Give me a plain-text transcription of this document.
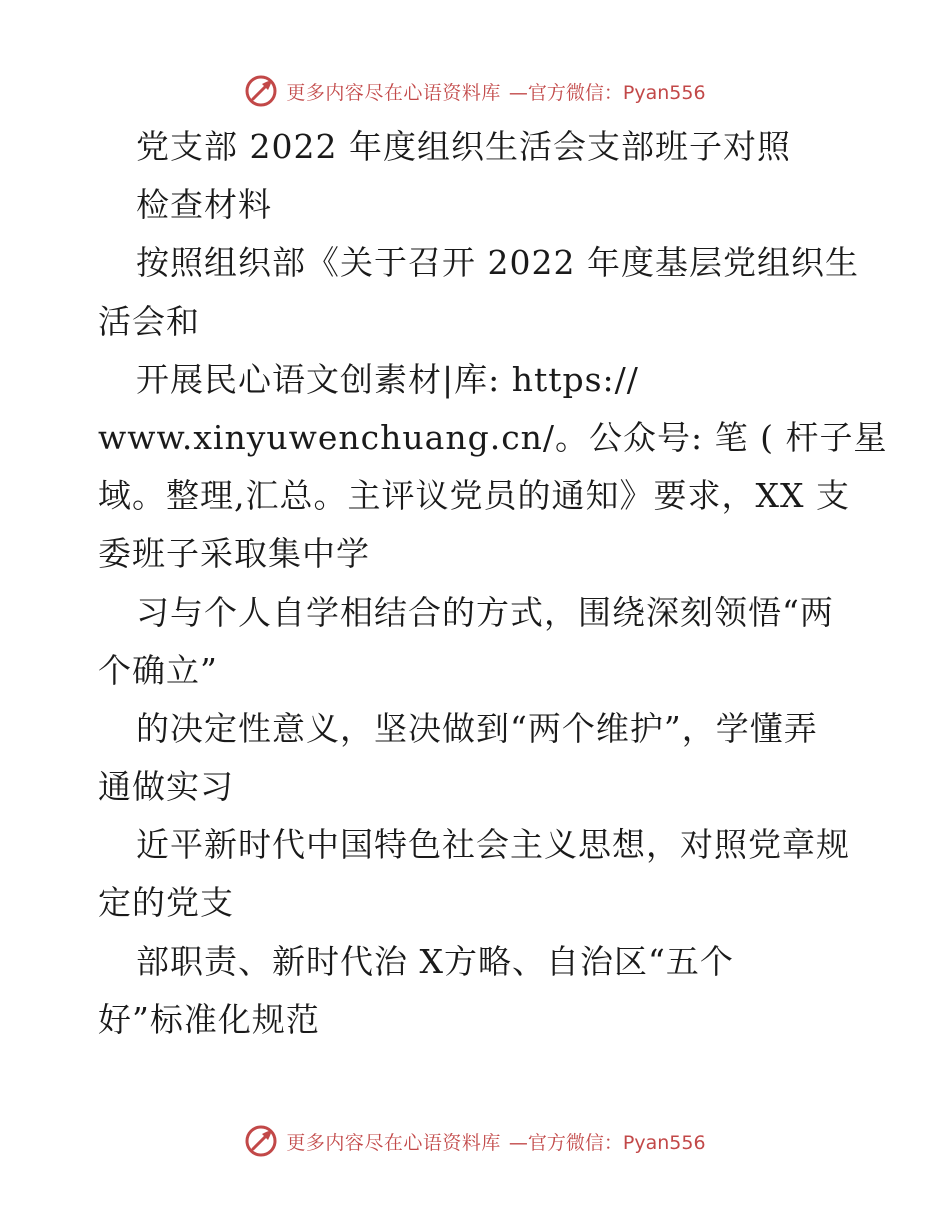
更多内容尽在心语资料库 —官方微信：Pyan556
党支部 2022 年度组织生活会支部班子对照
检查材料
按照组织部《关于召开 2022 年度基层党组织生
活会和
开展民心语文创素材|库: https://
www.xinyuwenchuang.cn/。公众号: 笔 ( 杆子星
域。整理,汇总。主评议党员的通知》要求，XX 支
委班子采取集中学
习与个人自学相结合的方式，围绕深刻领悟“两
个确立”
的决定性意义，坚决做到“两个维护”，学懂弄
通做实习
近平新时代中国特色社会主义思想，对照党章规
定的党支
部职责、新时代治 X方略、自治区“五个
好”标准化规范
更多内容尽在心语资料库 —官方微信：Pyan556
